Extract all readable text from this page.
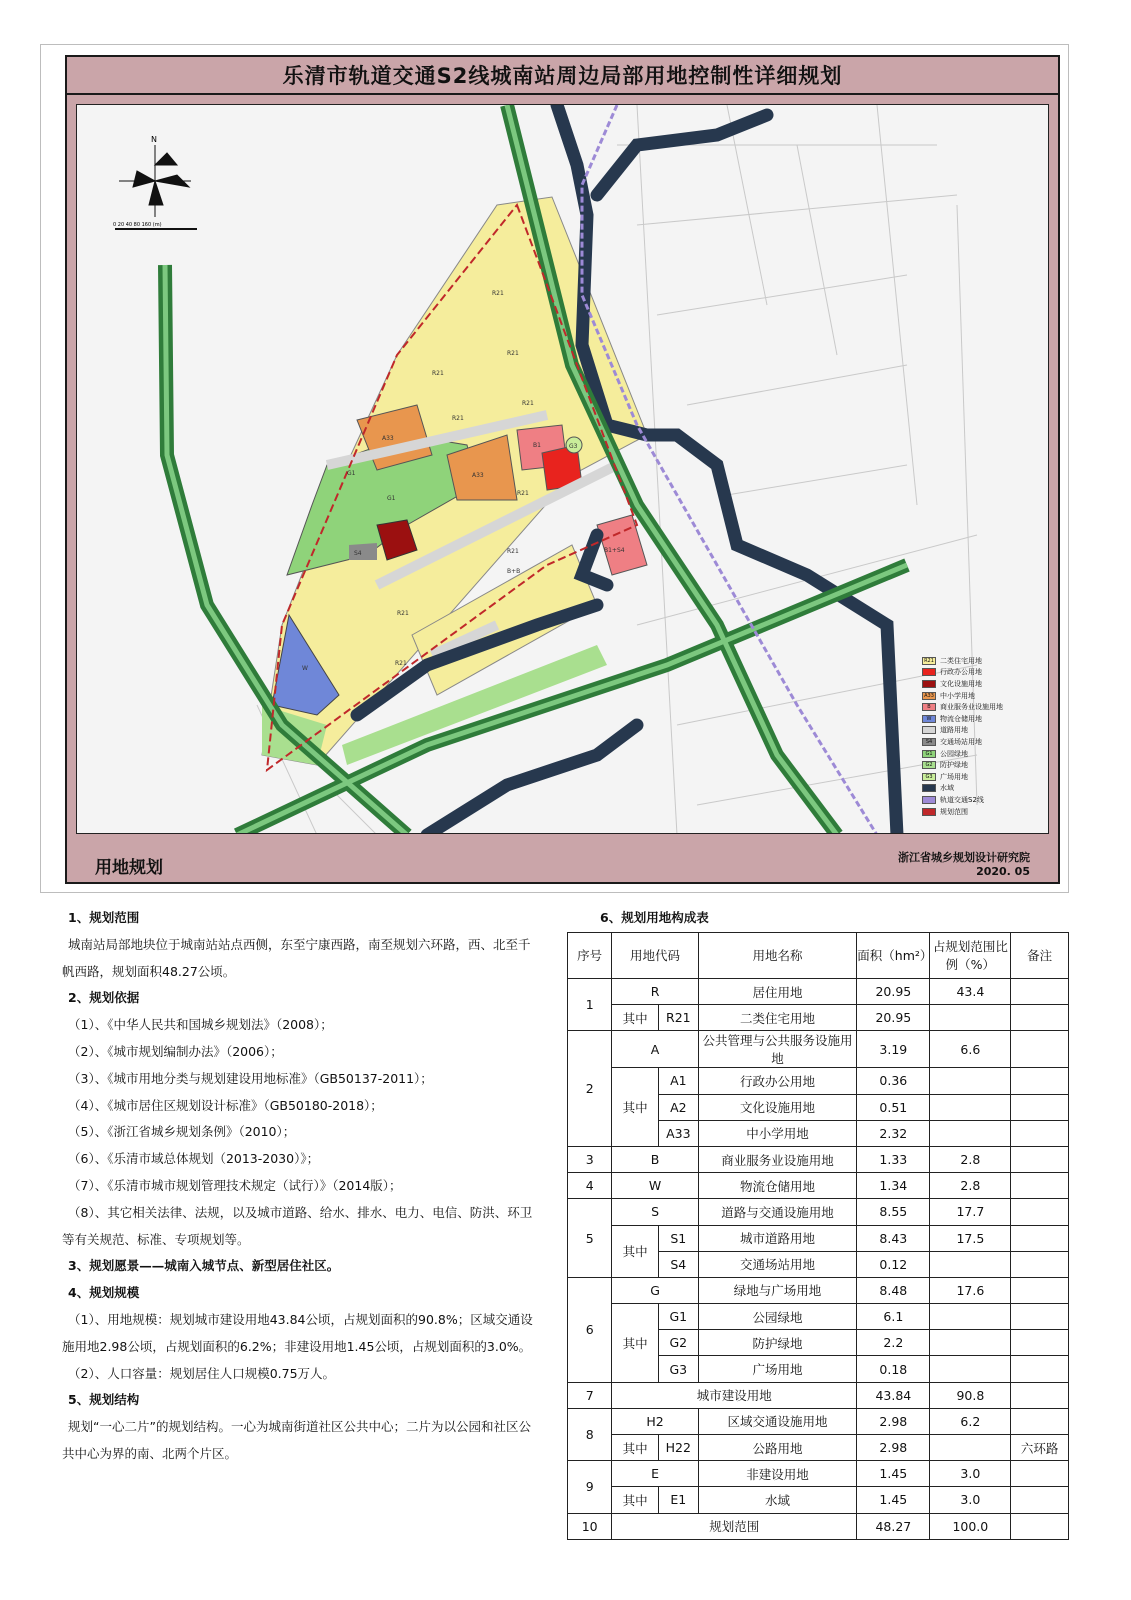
乐清市轨道交通S2线城南站周边局部用地控制性详细规划
N
0 20 40 80 160 (m)
R21
R21
R21
R21
R21
R21
R21
R21
R21
A33
A33
G1
G1
B1	G3
S4	B1+S4
W
B+B
R21 二类住宅用地
行政办公用地
文化设施用地
A33 中小学用地
B	商业服务业设施用地
W	物流仓储用地
道路用地
S4	交通场站用地
G1	公园绿地
G2	防护绿地
G3	广场用地
水域
轨道交通S2线
规划范围
用地规划
浙江省城乡规划设计研究院
2020. 05
1、规划范围
城南站局部地块位于城南站站点西侧，东至宁康西路，南至规划六环路，西、北至千帆西路，规划面积48.27公顷。
2、规划依据
（1）、《中华人民共和国城乡规划法》（2008）；
（2）、《城市规划编制办法》（2006）；
（3）、《城市用地分类与规划建设用地标准》（GB50137-2011）；
（4）、《城市居住区规划设计标准》（GB50180-2018）；
（5）、《浙江省城乡规划条例》（2010）；
（6）、《乐清市域总体规划（2013-2030）》；
（7）、《乐清市城市规划管理技术规定（试行）》（2014版）；
（8）、其它相关法律、法规，以及城市道路、给水、排水、电力、电信、防洪、环卫等有关规范、标准、专项规划等。
3、规划愿景——城南入城节点、新型居住社区。
4、规划规模
（1）、用地规模：规划城市建设用地43.84公顷，占规划面积的90.8%；区域交通设施用地2.98公顷，占规划面积的6.2%；非建设用地1.45公顷，占规划面积的3.0%。
（2）、人口容量：规划居住人口规模0.75万人。
5、规划结构
规划“一心二片”的规划结构。一心为城南街道社区公共中心；二片为以公园和社区公共中心为界的南、北两个片区。
6、规划用地构成表
序号	用地代码		用地名称	面积（hm²）	占规划范围比例（%）	备注
1	R		居住用地	20.95	43.4	
	其中	R21	二类住宅用地	20.95		
2	A		公共管理与公共服务设施用地	3.19	6.6	
	其中	A1	行政办公用地	0.36		
		A2	文化设施用地	0.51		
		A33	中小学用地	2.32		
3	B		商业服务业设施用地	1.33	2.8	
4	W		物流仓储用地	1.34	2.8	
5	S		道路与交通设施用地	8.55	17.7	
	其中	S1	城市道路用地	8.43	17.5	
		S4	交通场站用地	0.12		
6	G		绿地与广场用地	8.48	17.6	
	其中	G1	公园绿地	6.1		
		G2	防护绿地	2.2		
		G3	广场用地	0.18		
7	城市建设用地			43.84	90.8	
8	H2		区域交通设施用地	2.98	6.2	
	其中	H22	公路用地	2.98		六环路
9	E		非建设用地	1.45	3.0	
	其中	E1	水域	1.45	3.0	
10	规划范围			48.27	100.0	
